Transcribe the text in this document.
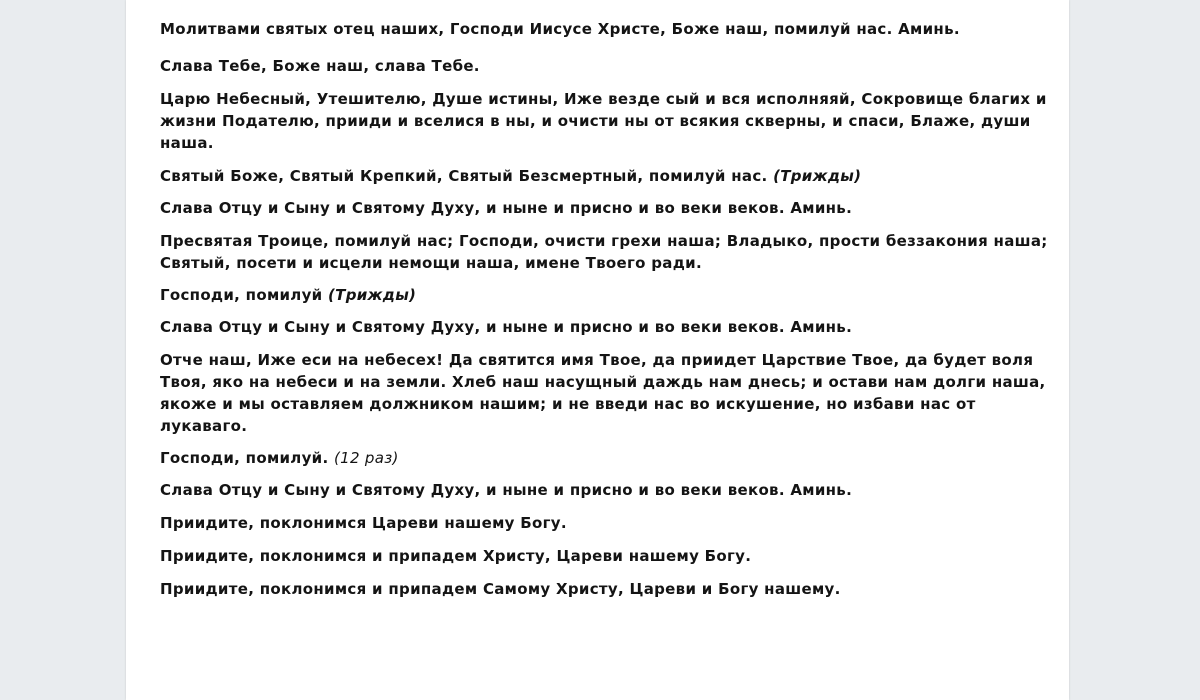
Молитвами святых отец наших, Господи Иисусе Христе, Боже наш, помилуй нас. Аминь.

Слава Тебе, Боже наш, слава Тебе.

Царю Небесный, Утешителю, Душе истины, Иже везде сый и вся исполняяй, Сокровище благих и жизни Подателю, прииди и вселися в ны, и очисти ны от всякия скверны, и спаси, Блаже, души наша.

Святый Боже, Святый Крепкий, Святый Безсмертный, помилуй нас. (Трижды)

Слава Отцу и Сыну и Святому Духу, и ныне и присно и во веки веков. Аминь.

Пресвятая Троице, помилуй нас; Господи, очисти грехи наша; Владыко, прости беззакония наша; Святый, посети и исцели немощи наша, имене Твоего ради.

Господи, помилуй (Трижды)

Слава Отцу и Сыну и Святому Духу, и ныне и присно и во веки веков. Аминь.

Отче наш, Иже еси на небесех! Да святится имя Твое, да приидет Царствие Твое, да будет воля Твоя, яко на небеси и на земли. Хлеб наш насущный даждь нам днесь; и остави нам долги наша, якоже и мы оставляем должником нашим; и не введи нас во искушение, но избави нас от лукаваго.

Господи, помилуй. (12 раз)

Слава Отцу и Сыну и Святому Духу, и ныне и присно и во веки веков. Аминь.

Приидите, поклонимся Цареви нашему Богу.

Приидите, поклонимся и припадем Христу, Цареви нашему Богу.

Приидите, поклонимся и припадем Самому Христу, Цареви и Богу нашему.
